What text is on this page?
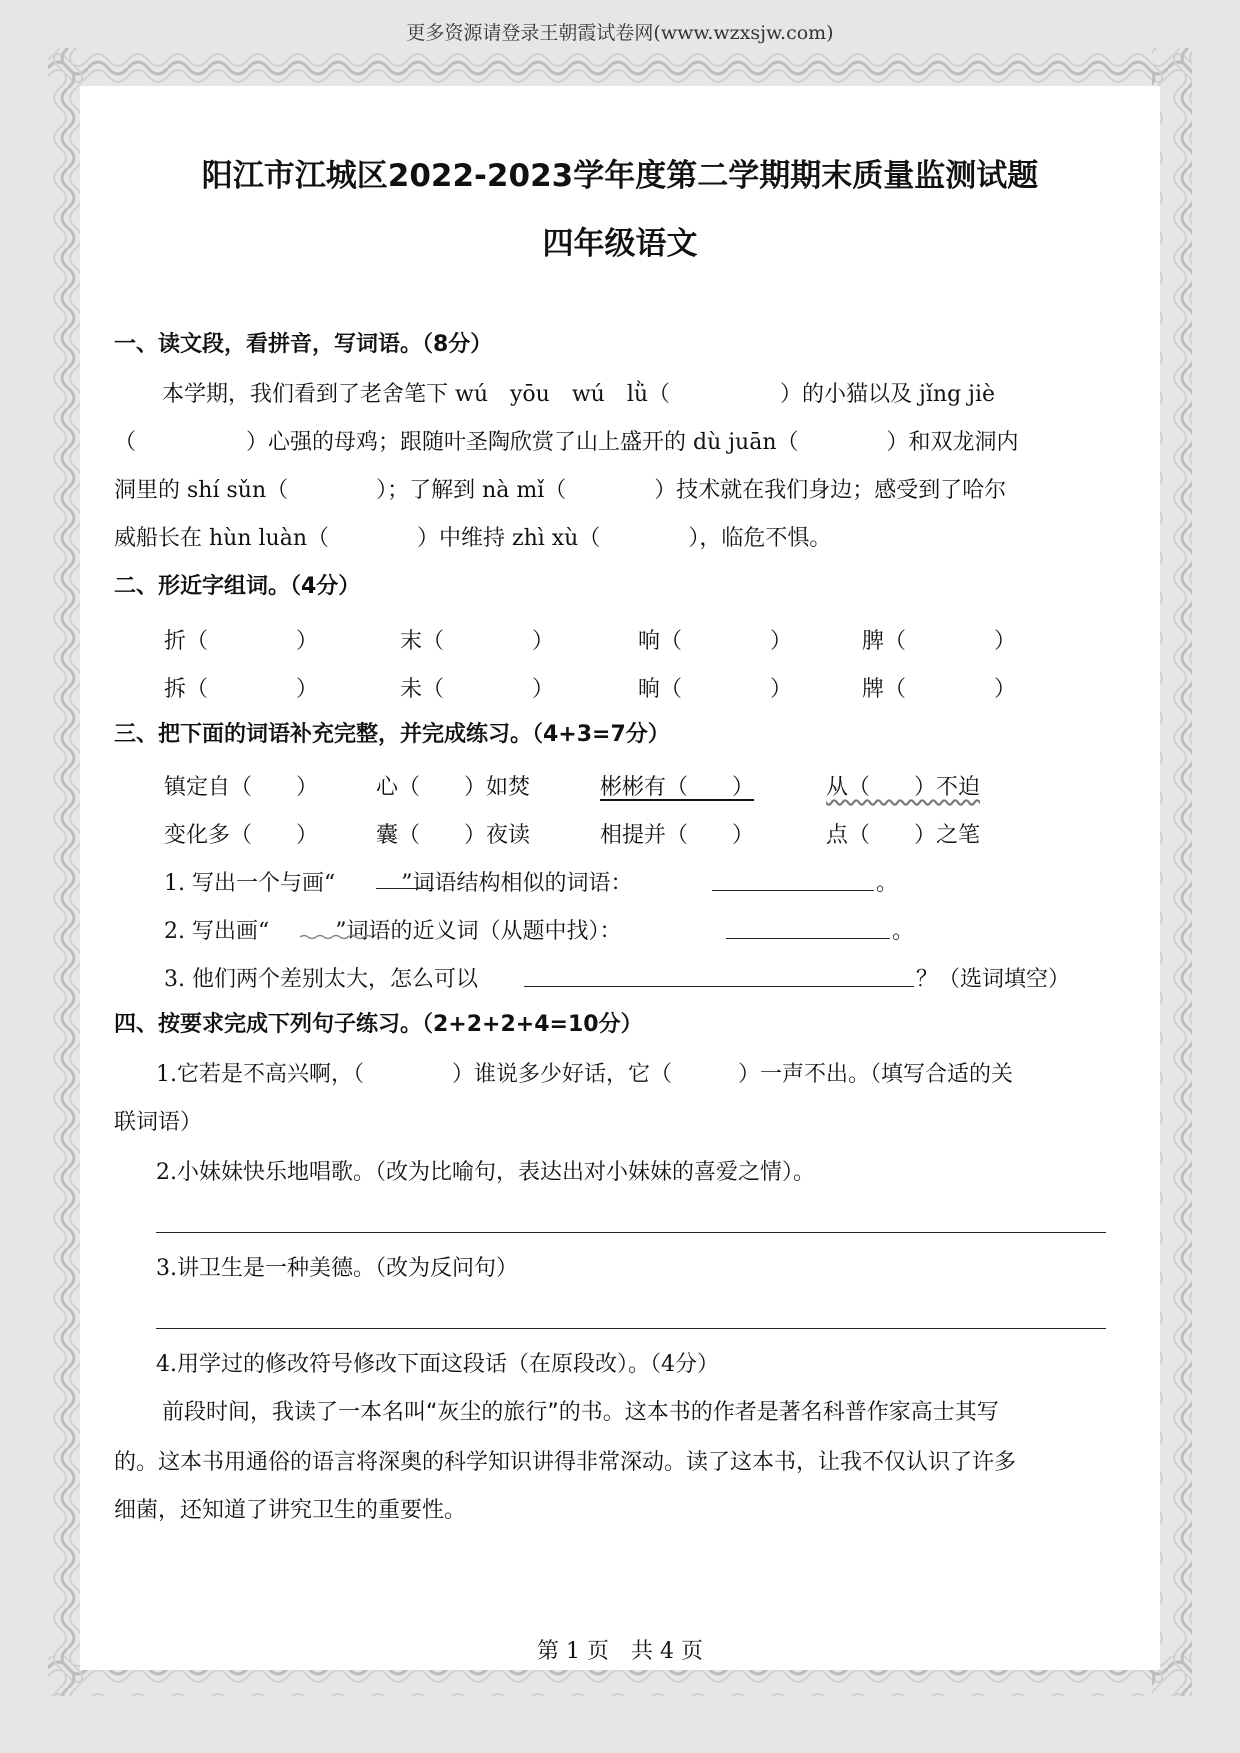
更多资源请登录王朝霞试卷网(www.wzxsjw.com)
阳江市江城区2022-2023学年度第二学期期末质量监测试题
四年级语文
一、读文段，看拼音，写词语。（8分）
本学期，我们看到了老舍笔下 wú　yōu　wú　lǜ（　　　　　）的小猫以及 jǐng jiè
（　　　　　）心强的母鸡；跟随叶圣陶欣赏了山上盛开的 dù juān（　　　　）和双龙洞内
洞里的 shí sǔn（　　　　）；了解到 nà mǐ（　　　　）技术就在我们身边；感受到了哈尔
威船长在 hùn luàn（　　　　）中维持 zhì xù（　　　　），临危不惧。
二、形近字组词。（4分）
折（　　　　）	末（　　　　）	响（　　　　）	脾（　　　　）
拆（　　　　）	未（　　　　）	晌（　　　　）	牌（　　　　）
三、把下面的词语补充完整，并完成练习。（4+3=7分）
镇定自（　　）	心（　　）如焚	彬彬有（　　）	从（　　）不迫
变化多（　　）	囊（　　）夜读	相提并（　　）	点（　　）之笔
1. 写出一个与画“　　　”词语结构相似的词语：	。
2. 写出画“　　　”词语的近义词（从题中找）：	。
3. 他们两个差别太大，怎么可以	？（选词填空）
四、按要求完成下列句子练习。（2+2+2+4=10分）
1.它若是不高兴啊，（　　　　）谁说多少好话，它（　　　）一声不出。（填写合适的关
联词语）
2.小妹妹快乐地唱歌。（改为比喻句，表达出对小妹妹的喜爱之情）。
3.讲卫生是一种美德。（改为反问句）
4.用学过的修改符号修改下面这段话（在原段改）。（4分）
前段时间，我读了一本名叫“灰尘的旅行”的书。这本书的作者是著名科普作家高士其写
的。这本书用通俗的语言将深奥的科学知识讲得非常深动。读了这本书，让我不仅认识了许多
细菌，还知道了讲究卫生的重要性。
第 1 页　共 4 页
